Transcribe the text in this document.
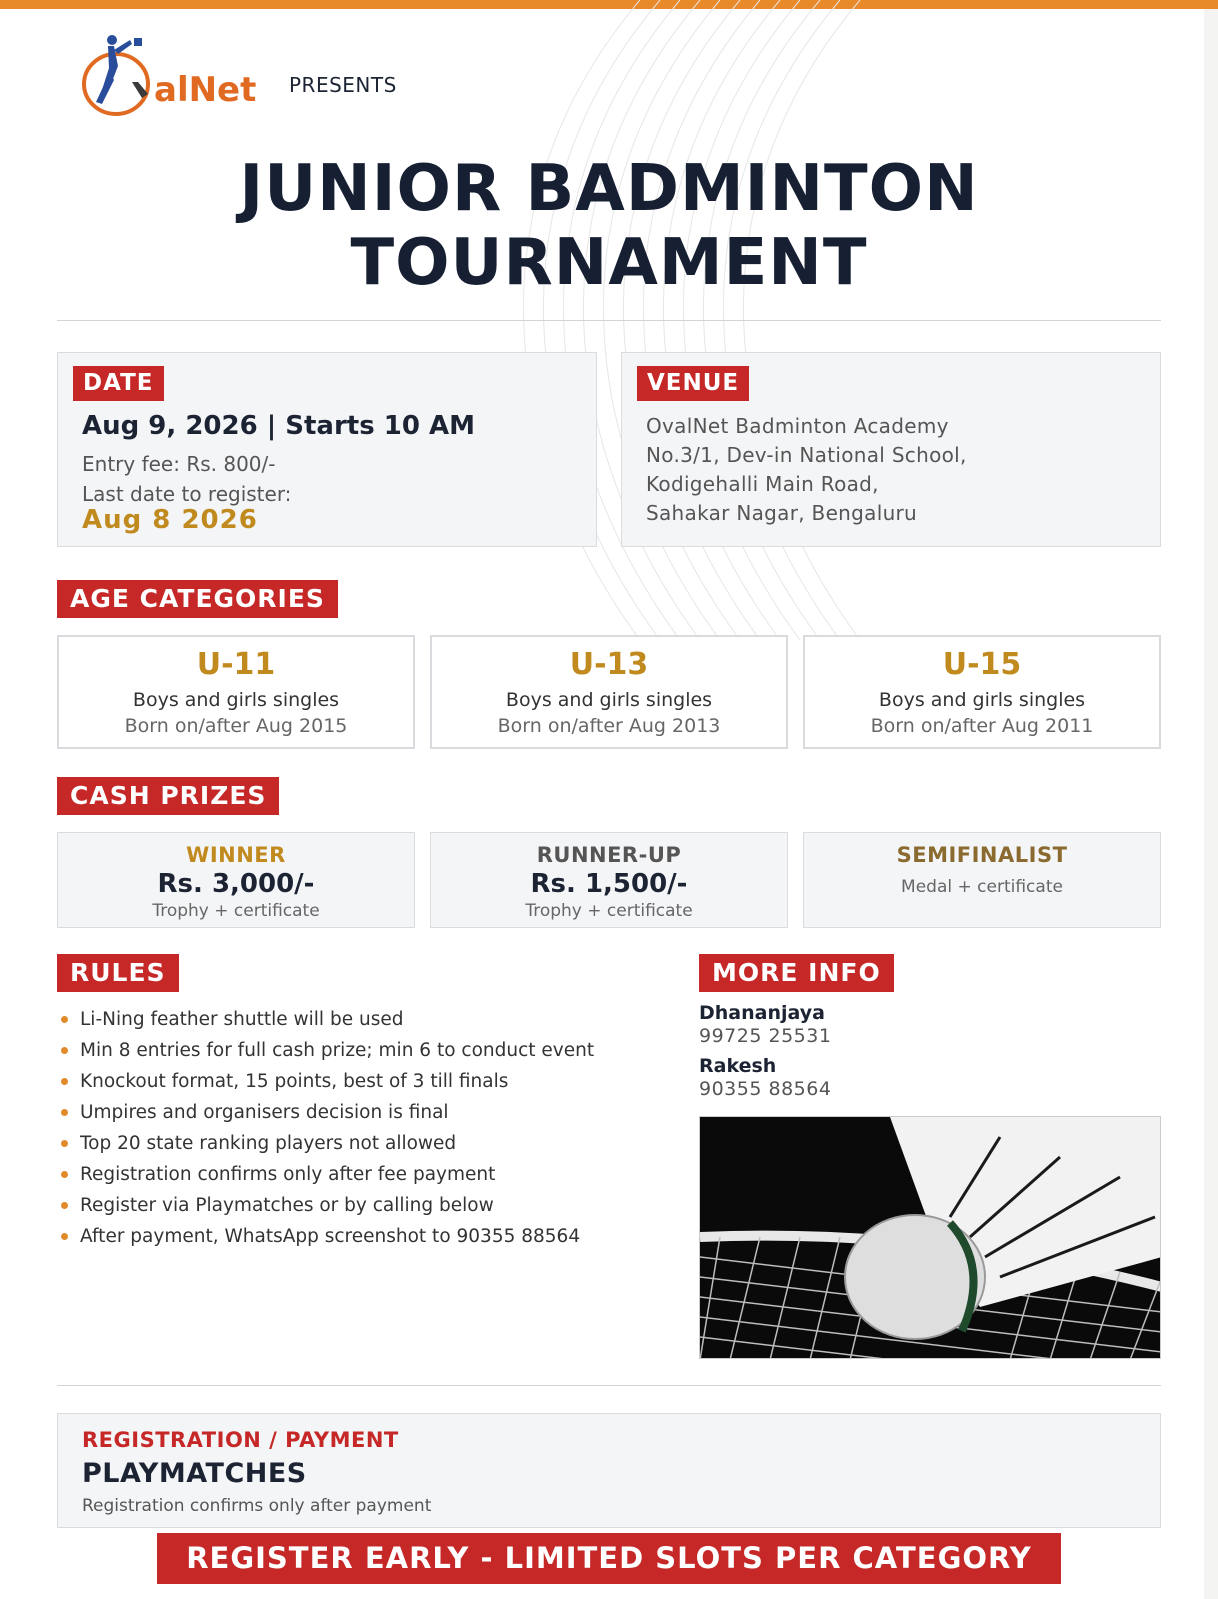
alNet PRESENTS
JUNIOR BADMINTON
TOURNAMENT
DATE
Aug 9, 2026 | Starts 10 AM
Entry fee: Rs. 800/-
Last date to register:
Aug 8 2026
VENUE
OvalNet Badminton Academy
No.3/1, Dev-in National School,
Kodigehalli Main Road,
Sahakar Nagar, Bengaluru
AGE CATEGORIES
U-11
Boys and girls singles
Born on/after Aug 2015
U-13
Boys and girls singles
Born on/after Aug 2013
U-15
Boys and girls singles
Born on/after Aug 2011
CASH PRIZES
WINNER
Rs. 3,000/-
Trophy + certificate
RUNNER-UP
Rs. 1,500/-
Trophy + certificate
SEMIFINALIST
Medal + certificate
RULES
Li-Ning feather shuttle will be used
Min 8 entries for full cash prize; min 6 to conduct event
Knockout format, 15 points, best of 3 till finals
Umpires and organisers decision is final
Top 20 state ranking players not allowed
Registration confirms only after fee payment
Register via Playmatches or by calling below
After payment, WhatsApp screenshot to 90355 88564
MORE INFO
Dhananjaya
99725 25531
Rakesh
90355 88564
REGISTRATION / PAYMENT
PLAYMATCHES
Registration confirms only after payment
REGISTER EARLY - LIMITED SLOTS PER CATEGORY
